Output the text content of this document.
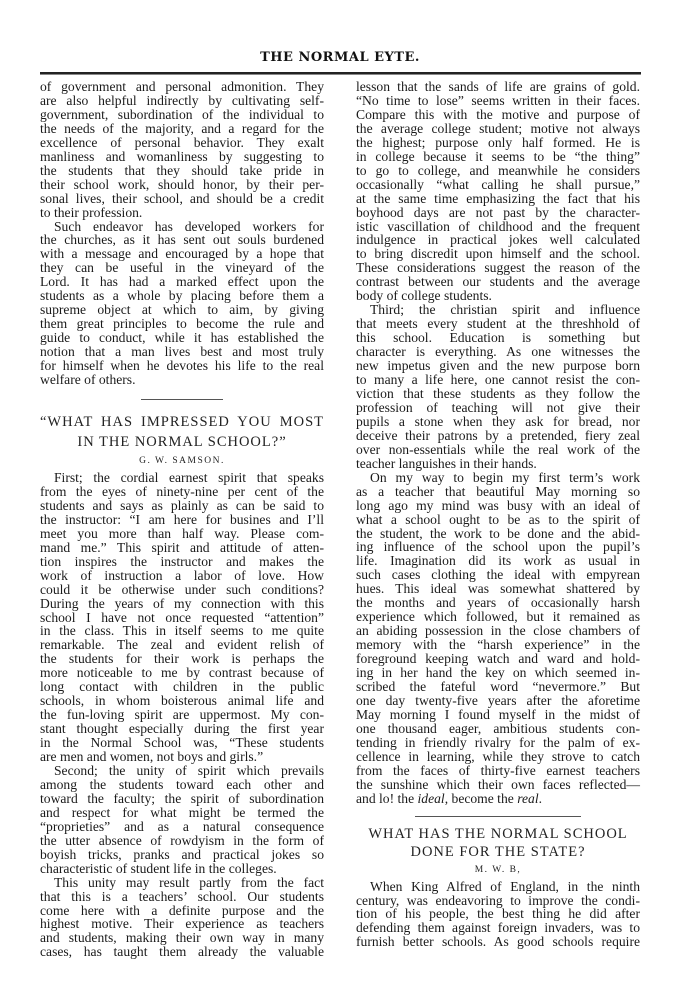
THE NORMAL EYTE.

of government and personal admonition. They
are also helpful indirectly by cultivating self-
government, subordination of the individual to
the needs of the majority, and a regard for the
excellence of personal behavior. They exalt
manliness and womanliness by suggesting to
the students that they should take pride in
their school work, should honor, by their per-
sonal lives, their school, and should be a credit
to their profession.

Such endeavor has developed workers for
the churches, as it has sent out souls burdened
with a message and encouraged by a hope that
they can be useful in the vineyard of the
Lord. It has had a marked effect upon the
students as a whole by placing before them a
supreme object at which to aim, by giving
them great principles to become the rule and
guide to conduct, while it has established the
notion that a man lives best and most truly
for himself when he devotes his life to the real
welfare of others.

“WHAT HAS IMPRESSED YOU MOST
IN THE NORMAL SCHOOL?”
G. W. SAMSON.

First; the cordial earnest spirit that speaks
from the eyes of ninety-nine per cent of the
students and says as plainly as can be said to
the instructor: “I am here for busines and I’ll
meet you more than half way. Please com-
mand me.” This spirit and attitude of atten-
tion inspires the instructor and makes the
work of instruction a labor of love. How
could it be otherwise under such conditions?
During the years of my connection with this
school I have not once requested “attention”
in the class. This in itself seems to me quite
remarkable. The zeal and evident relish of
the students for their work is perhaps the
more noticeable to me by contrast because of
long contact with children in the public
schools, in whom boisterous animal life and
the fun-loving spirit are uppermost. My con-
stant thought especially during the first year
in the Normal School was, “These students
are men and women, not boys and girls.”

Second; the unity of spirit which prevails
among the students toward each other and
toward the faculty; the spirit of subordination
and respect for what might be termed the
“proprieties” and as a natural consequence
the utter absence of rowdyism in the form of
boyish tricks, pranks and practical jokes so
characteristic of student life in the colleges.

This unity may result partly from the fact
that this is a teachers’ school. Our students
come here with a definite purpose and the
highest motive. Their experience as teachers
and students, making their own way in many
cases, has taught them already the valuable

lesson that the sands of life are grains of gold.
“No time to lose” seems written in their faces.
Compare this with the motive and purpose of
the average college student; motive not always
the highest; purpose only half formed. He is
in college because it seems to be “the thing”
to go to college, and meanwhile he considers
occasionally “what calling he shall pursue,”
at the same time emphasizing the fact that his
boyhood days are not past by the character-
istic vascillation of childhood and the frequent
indulgence in practical jokes well calculated
to bring discredit upon himself and the school.
These considerations suggest the reason of the
contrast between our students and the average
body of college students.

Third; the christian spirit and influence
that meets every student at the threshhold of
this school. Education is something but
character is everything. As one witnesses the
new impetus given and the new purpose born
to many a life here, one cannot resist the con-
viction that these students as they follow the
profession of teaching will not give their
pupils a stone when they ask for bread, nor
deceive their patrons by a pretended, fiery zeal
over non-essentials while the real work of the
teacher languishes in their hands.

On my way to begin my first term’s work
as a teacher that beautiful May morning so
long ago my mind was busy with an ideal of
what a school ought to be as to the spirit of
the student, the work to be done and the abid-
ing influence of the school upon the pupil’s
life. Imagination did its work as usual in
such cases clothing the ideal with empyrean
hues. This ideal was somewhat shattered by
the months and years of occasionally harsh
experience which followed, but it remained as
an abiding possession in the close chambers of
memory with the “harsh experience” in the
foreground keeping watch and ward and hold-
ing in her hand the key on which seemed in-
scribed the fateful word “nevermore.” But
one day twenty-five years after the aforetime
May morning I found myself in the midst of
one thousand eager, ambitious students con-
tending in friendly rivalry for the palm of ex-
cellence in learning, while they strove to catch
from the faces of thirty-five earnest teachers
the sunshine which their own faces reflected—
and lo! the ideal, become the real.

WHAT HAS THE NORMAL SCHOOL
DONE FOR THE STATE?
M. W. B,

When King Alfred of England, in the ninth
century, was endeavoring to improve the condi-
tion of his people, the best thing he did after
defending them against foreign invaders, was to
furnish better schools. As good schools require
